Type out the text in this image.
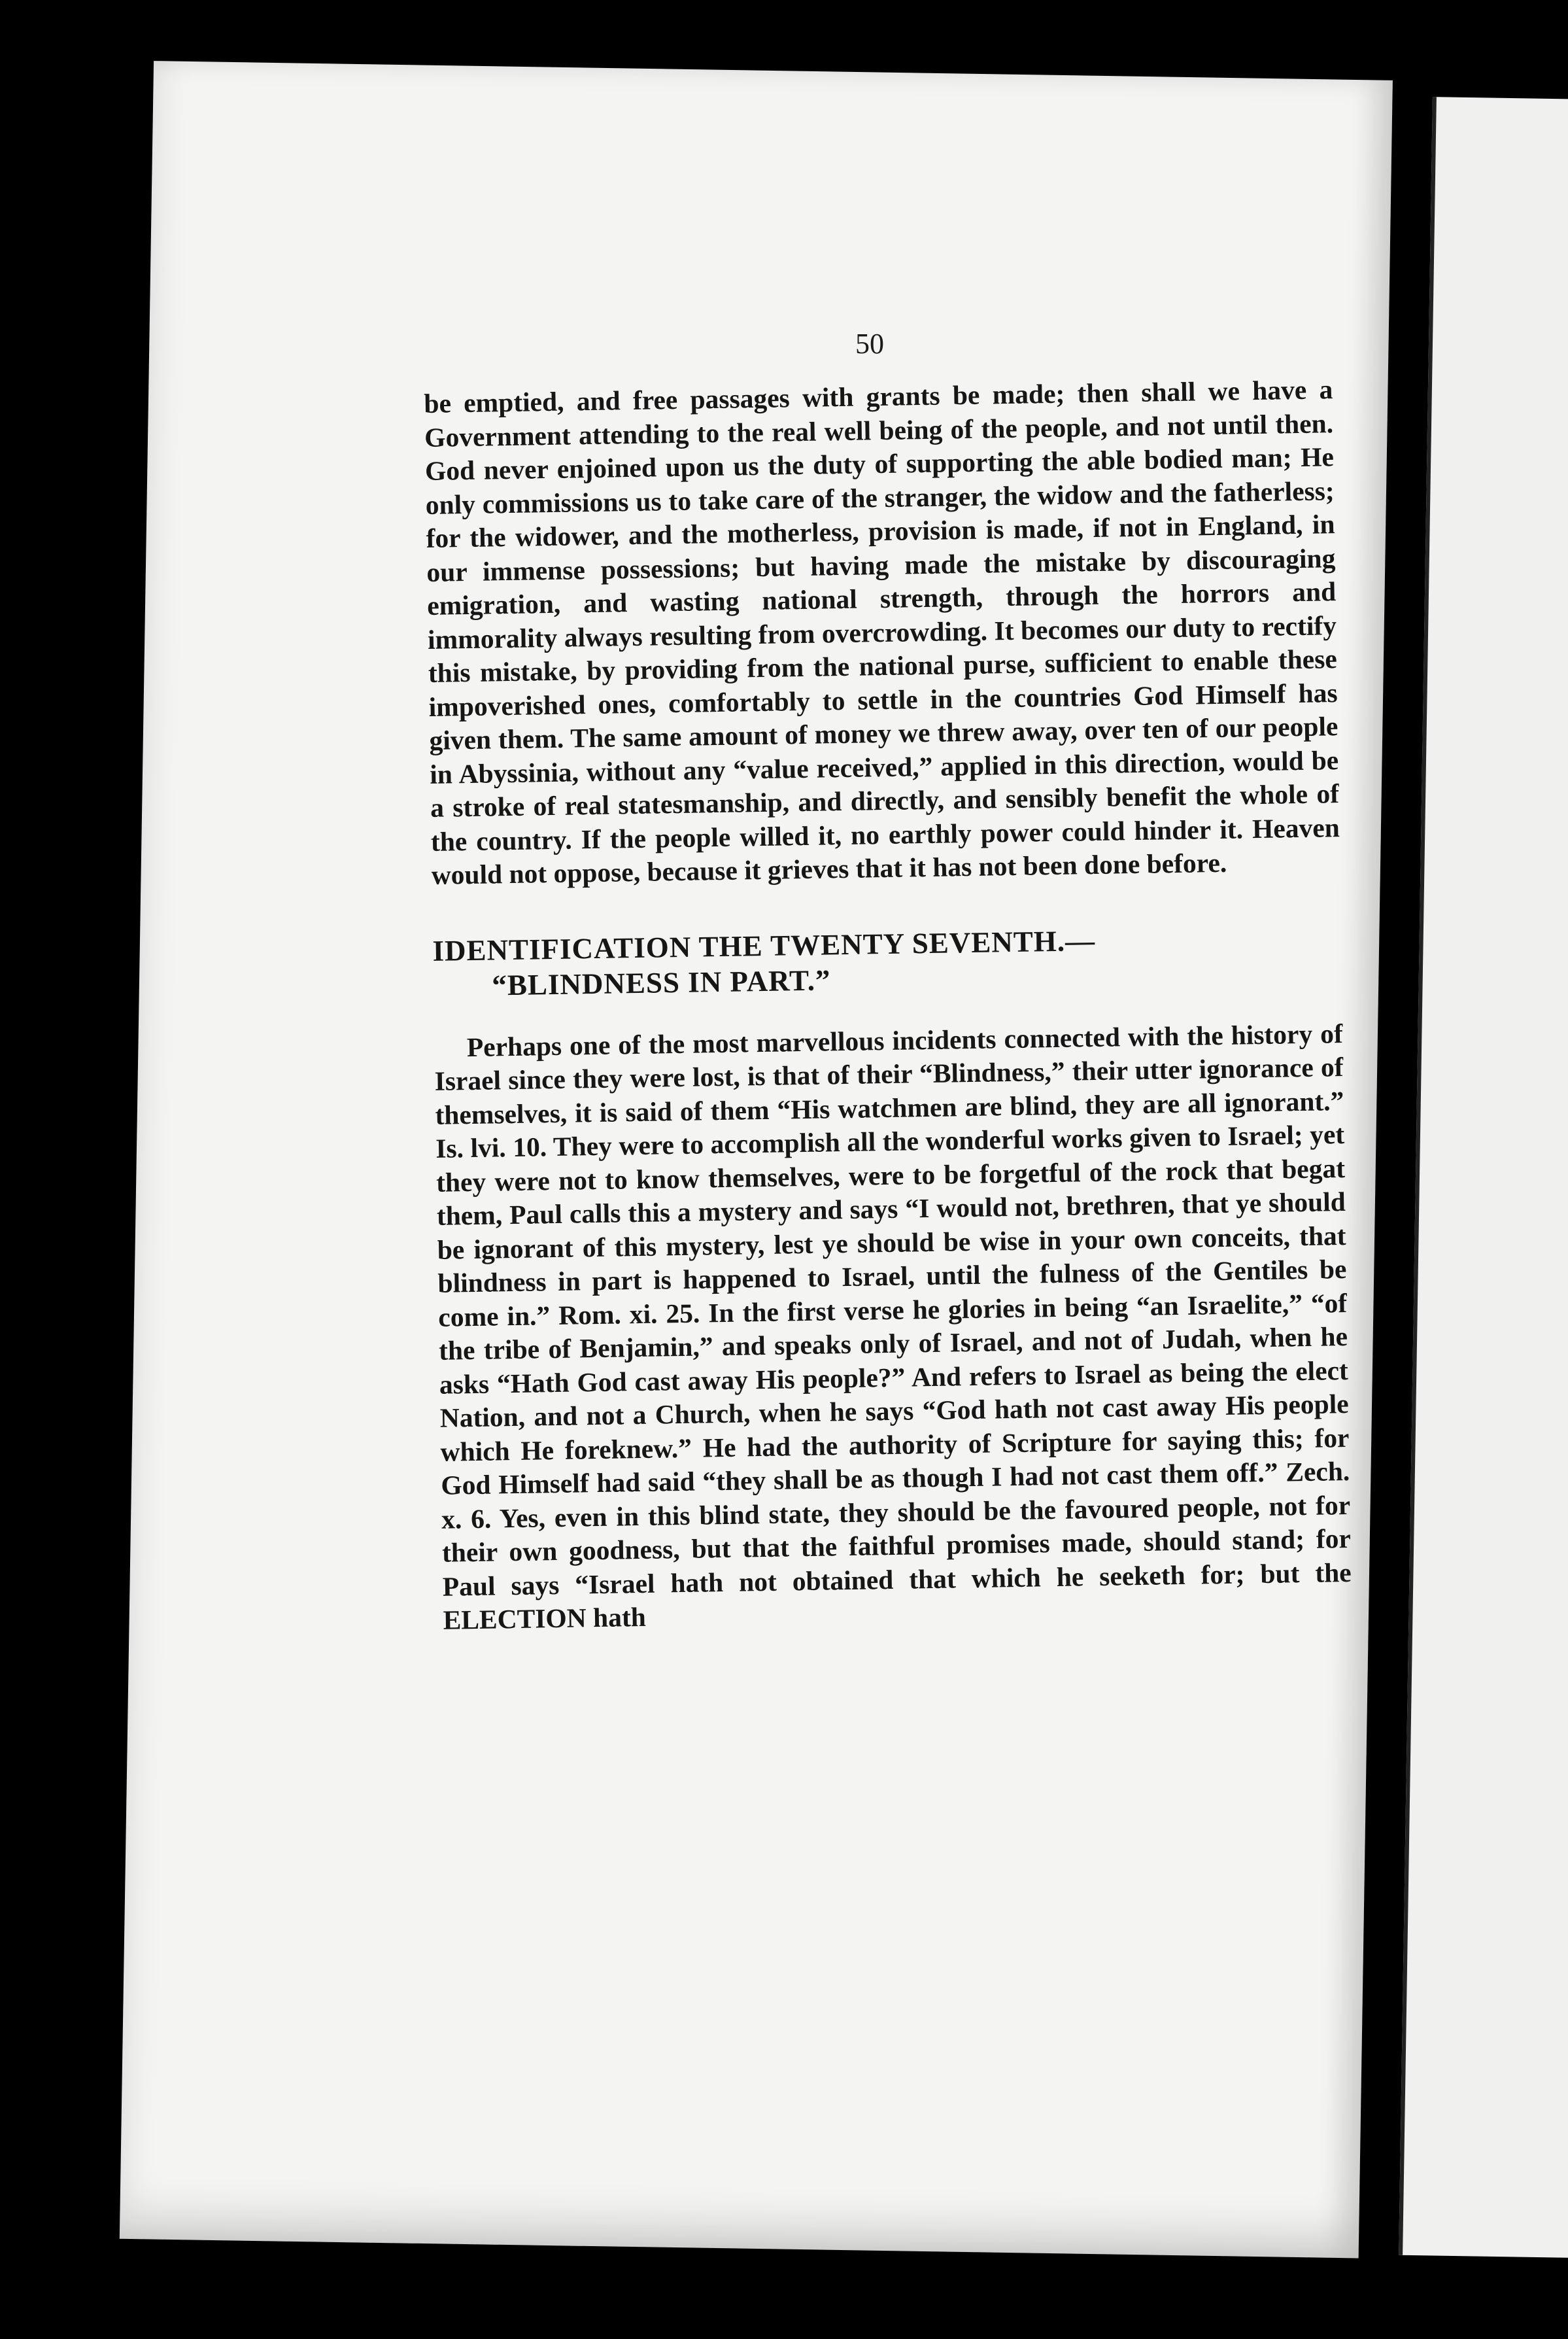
50

be emptied, and free passages with grants be made; then shall we have a Government attending to the real well being of the people, and not until then. God never enjoined upon us the duty of supporting the able bodied man; He only commissions us to take care of the stranger, the widow and the fatherless; for the widower, and the motherless, provision is made, if not in England, in our immense possessions; but having made the mistake by discouraging emigration, and wasting national strength, through the horrors and immorality always resulting from overcrowding. It becomes our duty to rectify this mistake, by providing from the national purse, sufficient to enable these impoverished ones, comfortably to settle in the countries God Himself has given them. The same amount of money we threw away, over ten of our people in Abyssinia, without any “value received,” applied in this direction, would be a stroke of real statesmanship, and directly, and sensibly benefit the whole of the country. If the people willed it, no earthly power could hinder it. Heaven would not oppose, because it grieves that it has not been done before.

IDENTIFICATION THE TWENTY SEVENTH.—

“BLINDNESS IN PART.”

Perhaps one of the most marvellous incidents connected with the history of Israel since they were lost, is that of their “Blindness,” their utter ignorance of themselves, it is said of them “His watchmen are blind, they are all ignorant.” Is. lvi. 10. They were to accomplish all the wonderful works given to Israel; yet they were not to know themselves, were to be forgetful of the rock that begat them, Paul calls this a mystery and says “I would not, brethren, that ye should be ignorant of this mystery, lest ye should be wise in your own conceits, that blindness in part is happened to Israel, until the fulness of the Gentiles be come in.” Rom. xi. 25. In the first verse he glories in being “an Israelite,” “of the tribe of Benjamin,” and speaks only of Israel, and not of Judah, when he asks “Hath God cast away His people?” And refers to Israel as being the elect Nation, and not a Church, when he says “God hath not cast away His people which He foreknew.” He had the authority of Scripture for saying this; for God Himself had said “they shall be as though I had not cast them off.” Zech. x. 6. Yes, even in this blind state, they should be the favoured people, not for their own goodness, but that the faithful promises made, should stand; for Paul says “Israel hath not obtained that which he seeketh for; but the ELECTION hath
